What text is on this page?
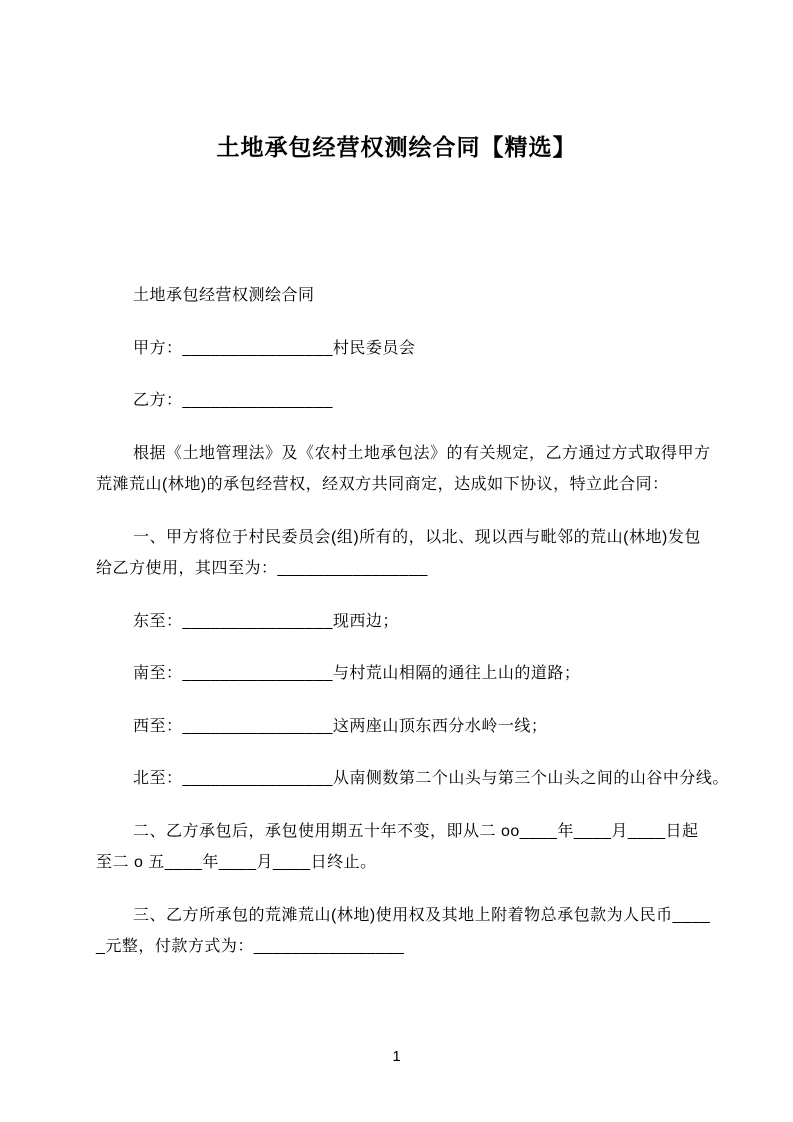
土地承包经营权测绘合同【精选】
土地承包经营权测绘合同
甲方：________________村民委员会
乙方：________________
根据《土地管理法》及《农村土地承包法》的有关规定，乙方通过方式取得甲方
荒滩荒山(林地)的承包经营权，经双方共同商定，达成如下协议，特立此合同：
一、甲方将位于村民委员会(组)所有的，以北、现以西与毗邻的荒山(林地)发包
给乙方使用，其四至为：________________
东至：________________现西边；
南至：________________与村荒山相隔的通往上山的道路；
西至：________________这两座山顶东西分水岭一线；
北至：________________从南侧数第二个山头与第三个山头之间的山谷中分线。
二、乙方承包后，承包使用期五十年不变，即从二 oo____年____月____日起
至二 o 五____年____月____日终止。
三、乙方所承包的荒滩荒山(林地)使用权及其地上附着物总承包款为人民币____
_元整，付款方式为：________________
1
